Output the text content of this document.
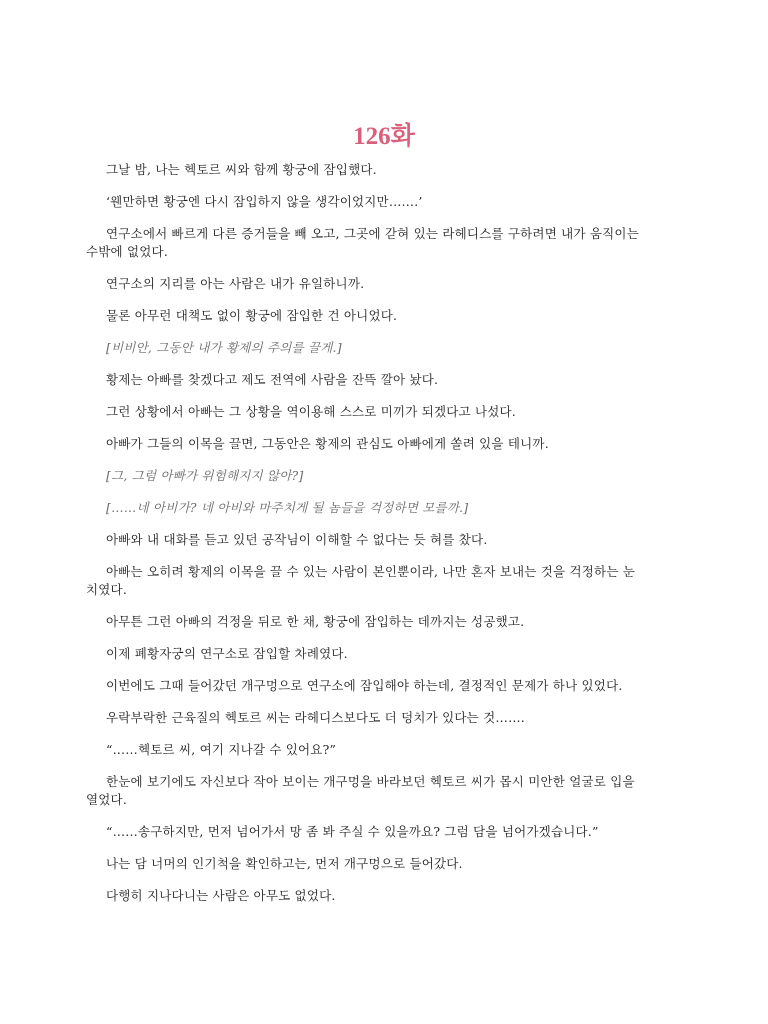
126화

그날 밤, 나는 헥토르 씨와 함께 황궁에 잠입했다.

‘웬만하면 황궁엔 다시 잠입하지 않을 생각이었지만…….’

연구소에서 빠르게 다른 증거들을 빼 오고, 그곳에 갇혀 있는 라헤디스를 구하려면 내가 움직이는 수밖에 없었다.

연구소의 지리를 아는 사람은 내가 유일하니까.

물론 아무런 대책도 없이 황궁에 잠입한 건 아니었다.

[비비안, 그동안 내가 황제의 주의를 끌게.]

황제는 아빠를 찾겠다고 제도 전역에 사람을 잔뜩 깔아 놨다.

그런 상황에서 아빠는 그 상황을 역이용해 스스로 미끼가 되겠다고 나섰다.

아빠가 그들의 이목을 끌면, 그동안은 황제의 관심도 아빠에게 쏠려 있을 테니까.

[그, 그럼 아빠가 위험해지지 않아?]

[……네 아비가? 네 아비와 마주치게 될 놈들을 걱정하면 모를까.]

아빠와 내 대화를 듣고 있던 공작님이 이해할 수 없다는 듯 혀를 찼다.

아빠는 오히려 황제의 이목을 끌 수 있는 사람이 본인뿐이라, 나만 혼자 보내는 것을 걱정하는 눈치였다.

아무튼 그런 아빠의 걱정을 뒤로 한 채, 황궁에 잠입하는 데까지는 성공했고.

이제 폐황자궁의 연구소로 잠입할 차례였다.

이번에도 그때 들어갔던 개구멍으로 연구소에 잠입해야 하는데, 결정적인 문제가 하나 있었다.

우락부락한 근육질의 헥토르 씨는 라헤디스보다도 더 덩치가 있다는 것…….

“……헥토르 씨, 여기 지나갈 수 있어요?”

한눈에 보기에도 자신보다 작아 보이는 개구멍을 바라보던 헥토르 씨가 몹시 미안한 얼굴로 입을 열었다.

“……송구하지만, 먼저 넘어가서 망 좀 봐 주실 수 있을까요? 그럼 담을 넘어가겠습니다.”

나는 담 너머의 인기척을 확인하고는, 먼저 개구멍으로 들어갔다.

다행히 지나다니는 사람은 아무도 없었다.
